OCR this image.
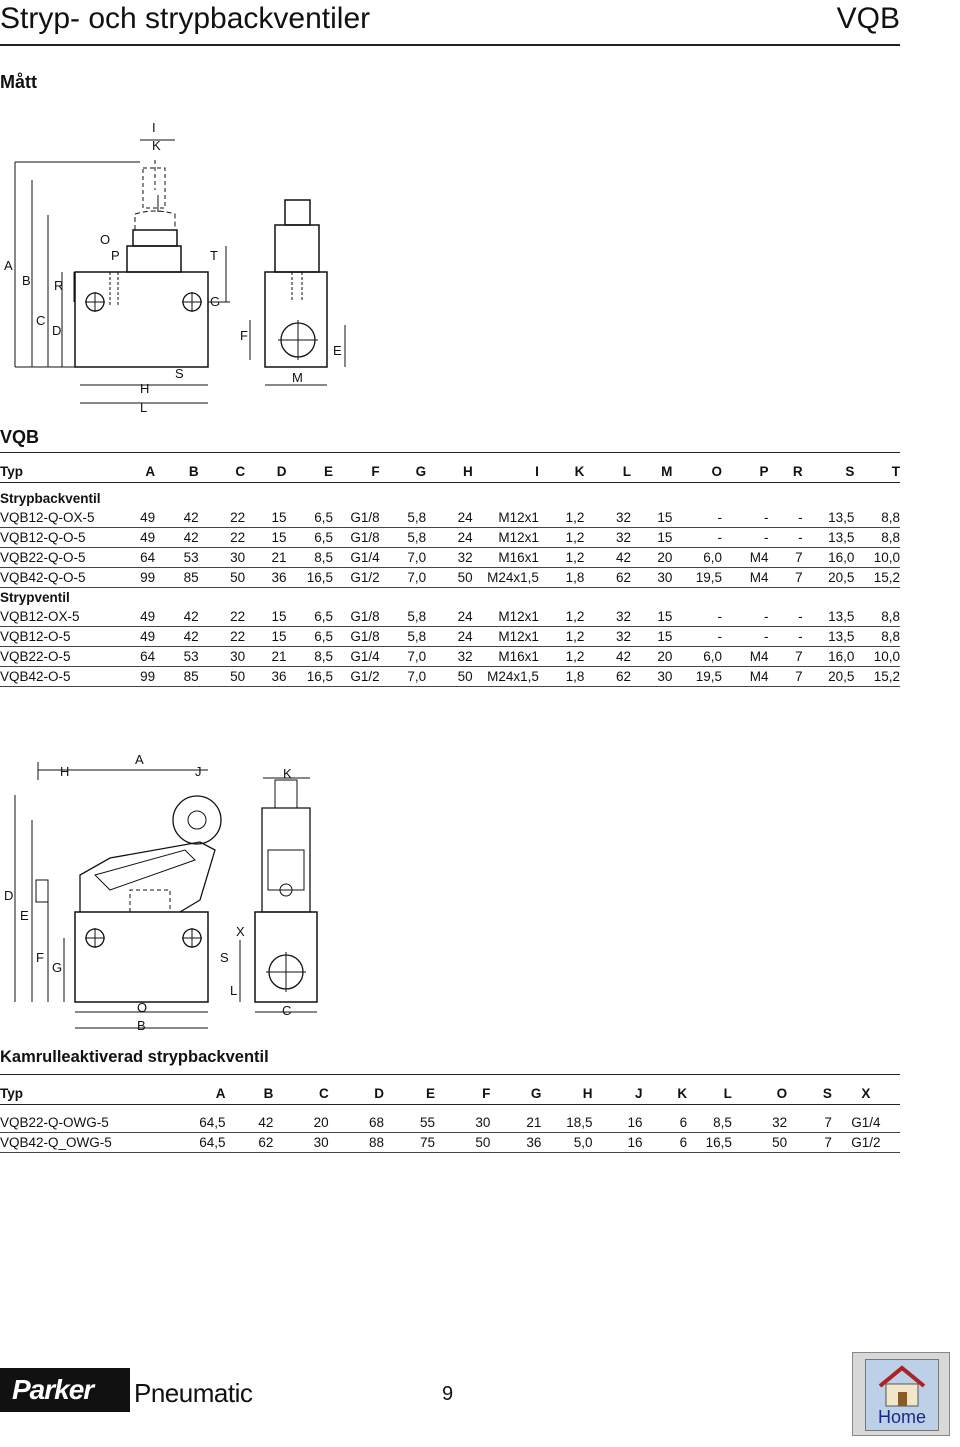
Stryp- och strypbackventiler	VQB
Mått
I
K
A
B
C
D
R
O
P	T
G
F
E
H
S
L
M
VQB
Typ	A	B	C	D	E	F	G	H	I	K	L	M	O	P	R	S	T

Strypbackventil																	
VQB12-Q-OX-5	49	42	22	15	6,5	G1/8	5,8	24	M12x1	1,2	32	15	-	-	-	13,5	8,8
VQB12-Q-O-5	49	42	22	15	6,5	G1/8	5,8	24	M12x1	1,2	32	15	-	-	-	13,5	8,8
VQB22-Q-O-5	64	53	30	21	8,5	G1/4	7,0	32	M16x1	1,2	42	20	6,0	M4	7	16,0	10,0
VQB42-Q-O-5	99	85	50	36	16,5	G1/2	7,0	50	M24x1,5	1,8	62	30	19,5	M4	7	20,5	15,2
Strypventil																	
VQB12-OX-5	49	42	22	15	6,5	G1/8	5,8	24	M12x1	1,2	32	15	-	-	-	13,5	8,8
VQB12-O-5	49	42	22	15	6,5	G1/8	5,8	24	M12x1	1,2	32	15	-	-	-	13,5	8,8
VQB22-O-5	64	53	30	21	8,5	G1/4	7,0	32	M16x1	1,2	42	20	6,0	M4	7	16,0	10,0
VQB42-O-5	99	85	50	36	16,5	G1/2	7,0	50	M24x1,5	1,8	62	30	19,5	M4	7	20,5	15,2
H
A
J	K
D
E
F
G
X
S
L
O
B
C
Kamrulleaktiverad strypbackventil
Typ	A	B	C	D	E	F	G	H	J	K	L	O	S	X

VQB22-Q-OWG-5	64,5	42	20	68	55	30	21	18,5	16	6	8,5	32	7	G1/4
VQB42-Q_OWG-5	64,5	62	30	88	75	50	36	5,0	16	6	16,5	50	7	G1/2
Parker Pneumatic	9
Home
